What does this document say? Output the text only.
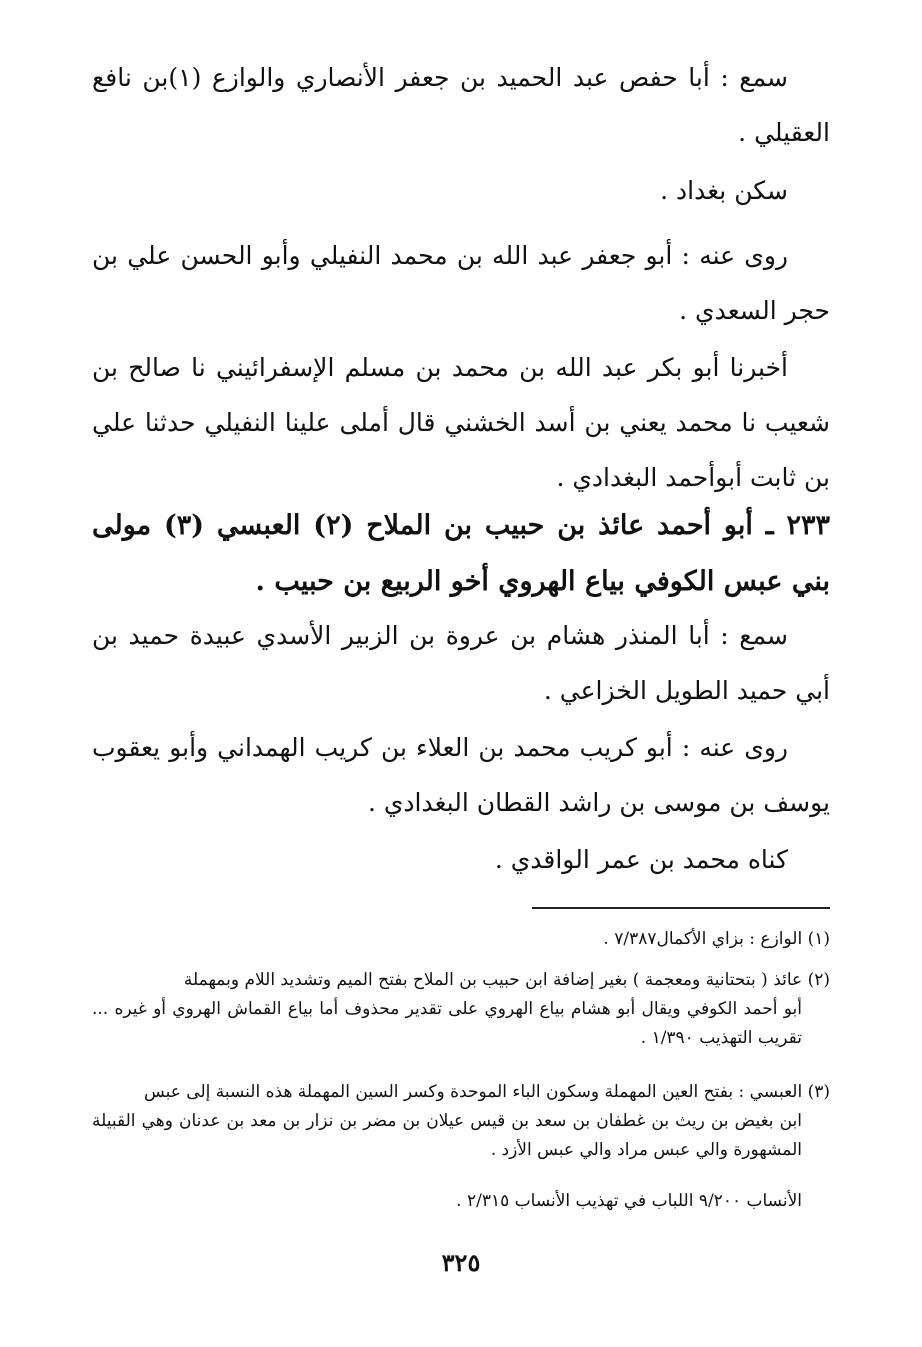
سمع : أبا حفص عبد الحميد بن جعفر الأنصاري والوازع (١)بن نافع العقيلي .

سكن بغداد .

روى عنه : أبو جعفر عبد الله بن محمد النفيلي وأبو الحسن علي بن حجر السعدي .

أخبرنا أبو بكر عبد الله بن محمد بن مسلم الإسفرائيني نا صالح بن شعيب نا محمد يعني بن أسد الخشني قال أملى علينا النفيلي حدثنا علي بن ثابت أبوأحمد البغدادي .

٢٣٣ ـ أبو أحمد عائذ بن حبيب بن الملاح (٢) العبسي (٣) مولى بني عبس الكوفي بياع الهروي أخو الربيع بن حبيب .

سمع : أبا المنذر هشام بن عروة بن الزبير الأسدي عبيدة حميد بن أبي حميد الطويل الخزاعي .

روى عنه : أبو كريب محمد بن العلاء بن كريب الهمداني وأبو يعقوب يوسف بن موسى بن راشد القطان البغدادي .

كناه محمد بن عمر الواقدي .

(١) الوازع : بزاي الأكمال٧/٣٨٧ .

(٢) عائذ ( بتحتانية ومعجمة ) بغير إضافة ابن حبيب بن الملاح بفتح الميم وتشديد اللام وبمهملة

أبو أحمد الكوفي ويقال أبو هشام بياع الهروي على تقدير محذوف أما بياع القماش الهروي أو غيره ... تقريب التهذيب ١/٣٩٠ .

(٣) العبسي : بفتح العين المهملة وسكون الباء الموحدة وكسر السين المهملة هذه النسبة إلى عبس

ابن بغيض بن ريث بن غطفان بن سعد بن قيس عيلان بن مضر بن نزار بن معد بن عدنان وهي القبيلة المشهورة والي عبس مراد والي عبس الأزد .

الأنساب ٩/٢٠٠ اللباب في تهذيب الأنساب ٢/٣١٥ .

٣٢٥
